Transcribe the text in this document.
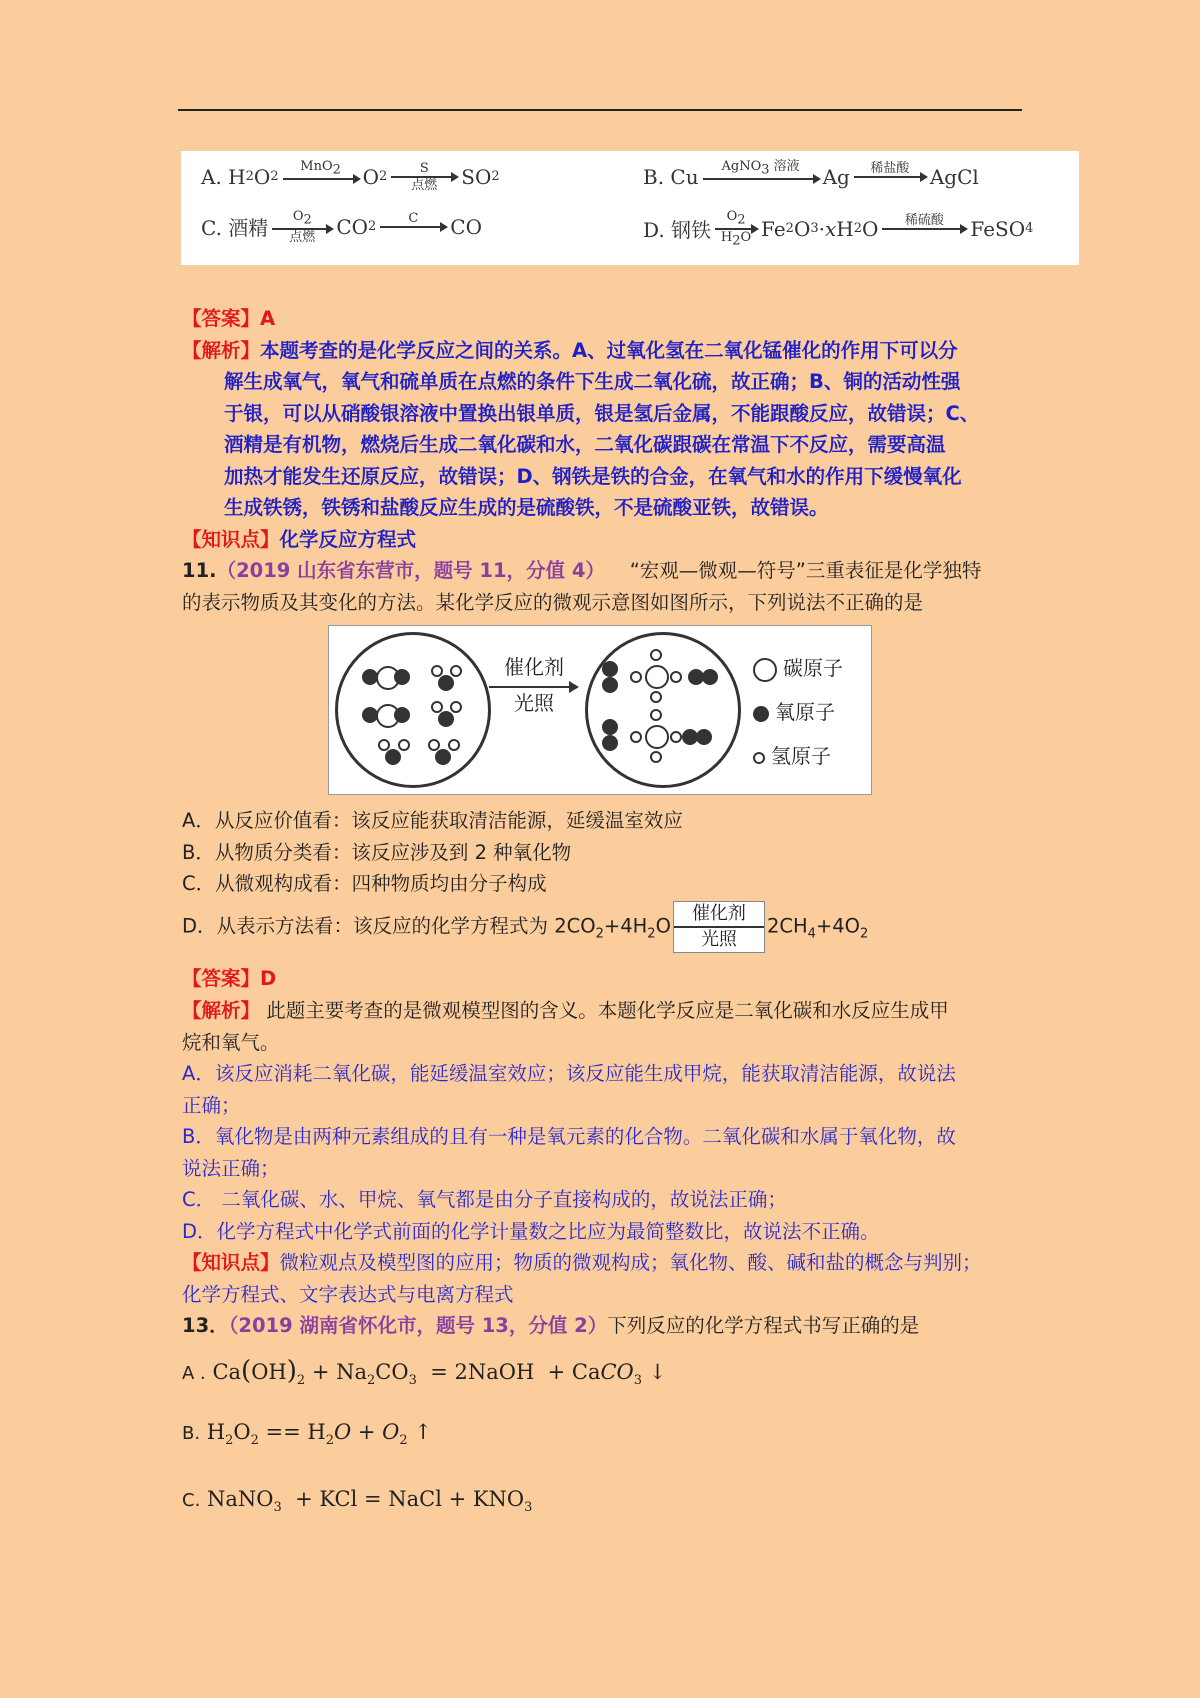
A.
H 2 O 2
MnO$_2$ O 2
S
点燃 SO 2	B. Cu AgNO$_3$ 溶液 Ag 稀盐酸 AgCl
C. 酒精 $O_2$
点燃 CO 2
C CO	D. 钢铁
$O_2$
$H_2O$ Fe 2 O 3 · x H 2 O 稀硫酸 FeSO 4
【答案】A
【解析】本题考查的是化学反应之间的关系。A、过氧化氢在二氧化锰催化的作用下可以分
解生成氧气，氧气和硫单质在点燃的条件下生成二氧化硫，故正确；B、铜的活动性强
于银，可以从硝酸银溶液中置换出银单质，银是氢后金属，不能跟酸反应，故错误；C、
酒精是有机物，燃烧后生成二氧化碳和水，二氧化碳跟碳在常温下不反应，需要高温
加热才能发生还原反应，故错误；D、钢铁是铁的合金，在氧气和水的作用下缓慢氧化
生成铁锈，铁锈和盐酸反应生成的是硫酸铁，不是硫酸亚铁，故错误。
【知识点】化学反应方程式
11.（2019 山东省东营市，题号 11，分值 4） “宏观—微观—符号”三重表征是化学独特
的表示物质及其变化的方法。某化学反应的微观示意图如图所示，下列说法不正确的是
催化剂
光照
碳原子
氧原子
氢原子
A．从反应价值看：该反应能获取清洁能源，延缓温室效应
B．从物质分类看：该反应涉及到 2 种氧化物
C．从微观构成看：四种物质均由分子构成
D．从表示方法看：该反应的化学方程式为 $2CO_2+4H_2O$
催化剂
光照
$2CH_4+4O_2$
【答案】D
【解析】 此题主要考查的是微观模型图的含义。本题化学反应是二氧化碳和水反应生成甲
烷和氧气。
A．该反应消耗二氧化碳，能延缓温室效应；该反应能生成甲烷，能获取清洁能源，故说法
正确；
B．氧化物是由两种元素组成的且有一种是氧元素的化合物。二氧化碳和水属于氧化物，故
说法正确；
C． 二氧化碳、水、甲烷、氧气都是由分子直接构成的，故说法正确；
D．化学方程式中化学式前面的化学计量数之比应为最简整数比，故说法不正确。
【知识点】微粒观点及模型图的应用；物质的微观构成；氧化物、酸、碱和盐的概念与判别；
化学方程式、文字表达式与电离方程式
13．（2019 湖南省怀化市，题号 13，分值 2）下列反应的化学方程式书写正确的是
A . $Ca(OH)_2 + Na_2CO_3$  = 2NaOH  + CaCO$_3$ ↓
B. $H_2O_2 == H_2O + O_2$ ↑
C. NaNO$_3$  + KCl = NaCl + $KNO_3$
